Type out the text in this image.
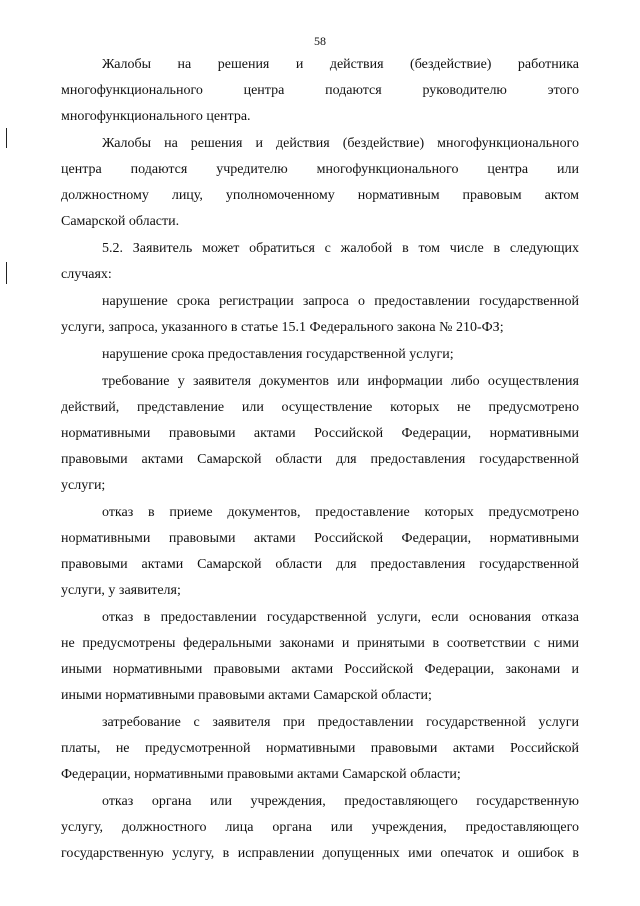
58
Жалобы на решения и действия (бездействие) работника
многофункционального центра подаются руководителю этого
многофункционального центра.
Жалобы на решения и действия (бездействие) многофункционального
центра подаются учредителю многофункционального центра или
должностному лицу, уполномоченному нормативным правовым актом
Самарской области.
5.2. Заявитель может обратиться с жалобой в том числе в следующих
случаях:
нарушение срока регистрации запроса о предоставлении государственной
услуги, запроса, указанного в статье 15.1 Федерального закона № 210-ФЗ;
нарушение срока предоставления государственной услуги;
требование у заявителя документов или информации либо осуществления
действий, представление или осуществление которых не предусмотрено
нормативными правовыми актами Российской Федерации, нормативными
правовыми актами Самарской области для предоставления государственной
услуги;
отказ в приеме документов, предоставление которых предусмотрено
нормативными правовыми актами Российской Федерации, нормативными
правовыми актами Самарской области для предоставления государственной
услуги, у заявителя;
отказ в предоставлении государственной услуги, если основания отказа
не предусмотрены федеральными законами и принятыми в соответствии с ними
иными нормативными правовыми актами Российской Федерации, законами и
иными нормативными правовыми актами Самарской области;
затребование с заявителя при предоставлении государственной услуги
платы, не предусмотренной нормативными правовыми актами Российской
Федерации, нормативными правовыми актами Самарской области;
отказ органа или учреждения, предоставляющего государственную
услугу, должностного лица органа или учреждения, предоставляющего
государственную услугу, в исправлении допущенных ими опечаток и ошибок в
